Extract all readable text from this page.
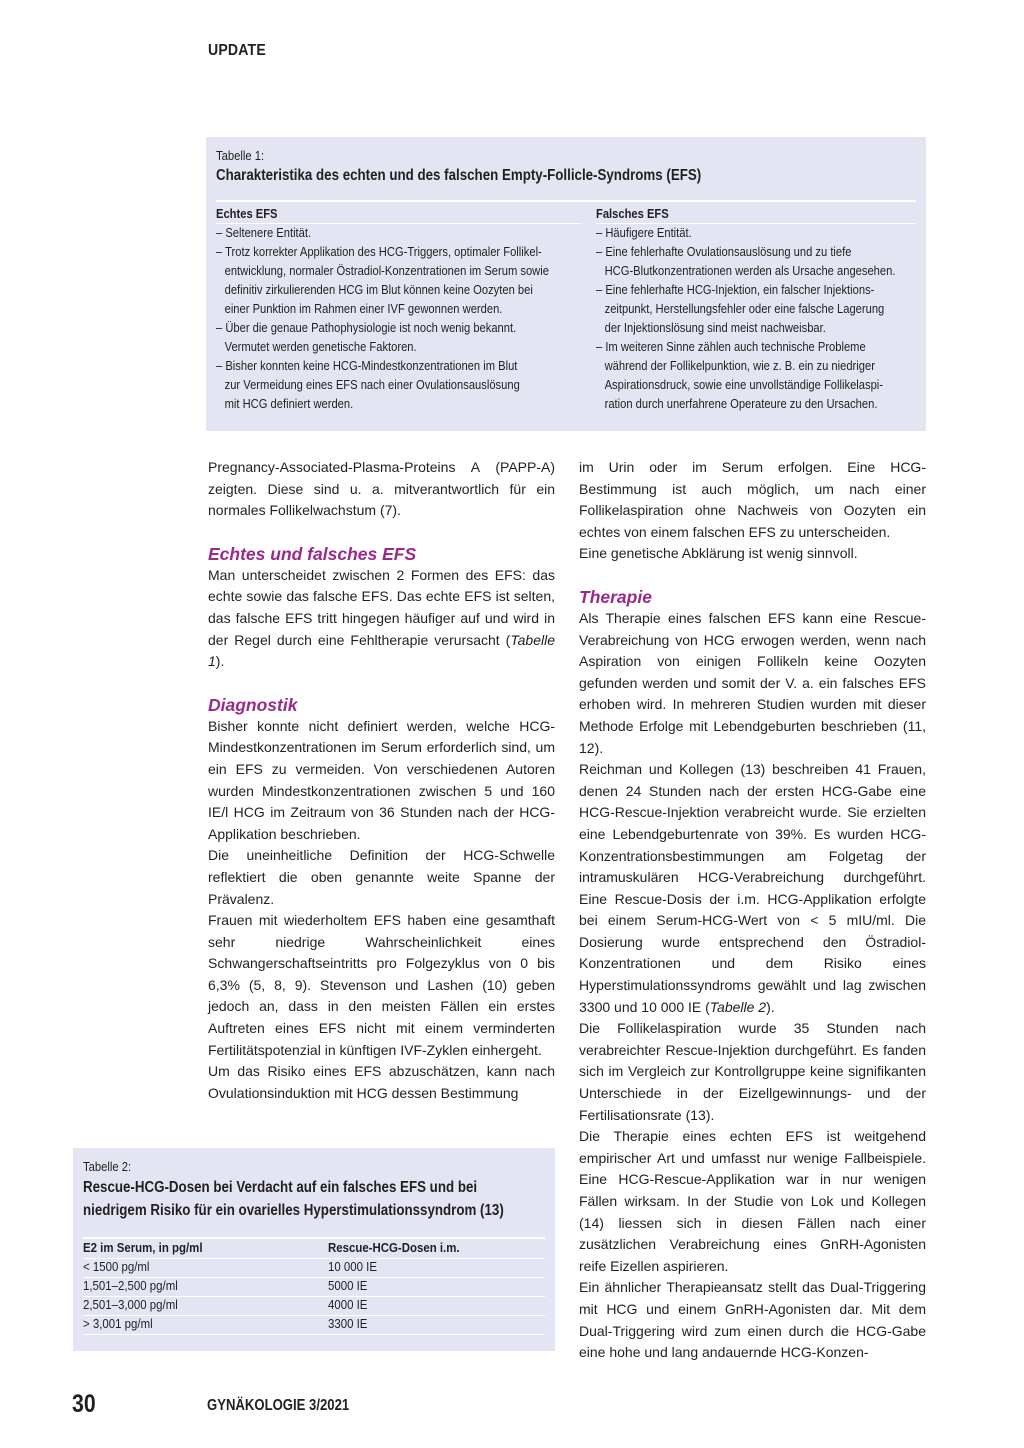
UPDATE
Tabelle 1:
Charakteristika des echten und des falschen Empty-Follicle-Syndroms (EFS)
Echtes EFS
– Seltenere Entität.
– Trotz korrekter Applikation des HCG-Triggers, optimaler Follikel-
entwicklung, normaler Östradiol-Konzentrationen im Serum sowie
definitiv zirkulierenden HCG im Blut können keine Oozyten bei
einer Punktion im Rahmen einer IVF gewonnen werden.
– Über die genaue Pathophysiologie ist noch wenig bekannt.
Vermutet werden genetische Faktoren.
– Bisher konnten keine HCG-Mindestkonzentrationen im Blut
zur Vermeidung eines EFS nach einer Ovulationsauslösung
mit HCG definiert werden.
Falsches EFS
– Häufigere Entität.
– Eine fehlerhafte Ovulationsauslösung und zu tiefe
HCG-Blutkonzentrationen werden als Ursache angesehen.
– Eine fehlerhafte HCG-Injektion, ein falscher Injektions-
zeitpunkt, Herstellungsfehler oder eine falsche Lagerung
der Injektionslösung sind meist nachweisbar.
– Im weiteren Sinne zählen auch technische Probleme
während der Follikelpunktion, wie z. B. ein zu niedriger
Aspirationsdruck, sowie eine unvollständige Follikelaspi-
ration durch unerfahrene Operateure zu den Ursachen.

Pregnancy-Associated-Plasma-Proteins A (PAPP-A) zeigten. Diese sind u. a. mitverantwortlich für ein normales Follikelwachstum (7).

Echtes und falsches EFS

Man unterscheidet zwischen 2 Formen des EFS: das echte sowie das falsche EFS. Das echte EFS ist selten, das falsche EFS tritt hingegen häufiger auf und wird in der Regel durch eine Fehltherapie verursacht (Tabelle 1).

Diagnostik

Bisher konnte nicht definiert werden, welche HCG-Mindestkonzentrationen im Serum erforderlich sind, um ein EFS zu vermeiden. Von verschiedenen Autoren wurden Mindestkonzentrationen zwischen 5 und 160 IE/l HCG im Zeitraum von 36 Stunden nach der HCG-Applikation beschrieben.

Die uneinheitliche Definition der HCG-Schwelle reflektiert die oben genannte weite Spanne der Prävalenz.

Frauen mit wiederholtem EFS haben eine gesamthaft sehr niedrige Wahrscheinlichkeit eines Schwangerschaftseintritts pro Folgezyklus von 0 bis 6,3% (5, 8, 9). Stevenson und Lashen (10) geben jedoch an, dass in den meisten Fällen ein erstes Auftreten eines EFS nicht mit einem verminderten Fertilitätspotenzial in künftigen IVF-Zyklen einhergeht.

Um das Risiko eines EFS abzuschätzen, kann nach Ovulationsinduktion mit HCG dessen Bestimmung

im Urin oder im Serum erfolgen. Eine HCG-Bestimmung ist auch möglich, um nach einer Follikelaspiration ohne Nachweis von Oozyten ein echtes von einem falschen EFS zu unterscheiden.

Eine genetische Abklärung ist wenig sinnvoll.

Therapie

Als Therapie eines falschen EFS kann eine Rescue-Verabreichung von HCG erwogen werden, wenn nach Aspiration von einigen Follikeln keine Oozyten gefunden werden und somit der V. a. ein falsches EFS erhoben wird. In mehreren Studien wurden mit dieser Methode Erfolge mit Lebendgeburten beschrieben (11, 12).

Reichman und Kollegen (13) beschreiben 41 Frauen, denen 24 Stunden nach der ersten HCG-Gabe eine HCG-Rescue-Injektion verabreicht wurde. Sie erzielten eine Lebendgeburtenrate von 39%. Es wurden HCG-Konzentrationsbestimmungen am Folgetag der intramuskulären HCG-Verabreichung durchgeführt. Eine Rescue-Dosis der i.m. HCG-Applikation erfolgte bei einem Serum-HCG-Wert von < 5 mIU/ml. Die Dosierung wurde entsprechend den Östradiol-Konzentrationen und dem Risiko eines Hyperstimulationssyndroms gewählt und lag zwischen 3300 und 10 000 IE (Tabelle 2).

Die Follikelaspiration wurde 35 Stunden nach verabreichter Rescue-Injektion durchgeführt. Es fanden sich im Vergleich zur Kontrollgruppe keine signifikanten Unterschiede in der Eizellgewinnungs- und der Fertilisationsrate (13).

Die Therapie eines echten EFS ist weitgehend empirischer Art und umfasst nur wenige Fallbeispiele. Eine HCG-Rescue-Applikation war in nur wenigen Fällen wirksam. In der Studie von Lok und Kollegen (14) liessen sich in diesen Fällen nach einer zusätzlichen Verabreichung eines GnRH-Agonisten reife Eizellen aspirieren.

Ein ähnlicher Therapieansatz stellt das Dual-Triggering mit HCG und einem GnRH-Agonisten dar. Mit dem Dual-Triggering wird zum einen durch die HCG-Gabe eine hohe und lang andauernde HCG-Konzen-

Tabelle 2:
Rescue-HCG-Dosen bei Verdacht auf ein falsches EFS und bei
niedrigem Risiko für ein ovarielles Hyperstimulationssyndrom (13)
E2 im Serum, in pg/ml	Rescue-HCG-Dosen i.m.
< 1500 pg/ml	10 000 IE
1,501–2,500 pg/ml	5000 IE
2,501–3,000 pg/ml	4000 IE
> 3,001 pg/ml	3300 IE
30	GYNÄKOLOGIE 3/2021
